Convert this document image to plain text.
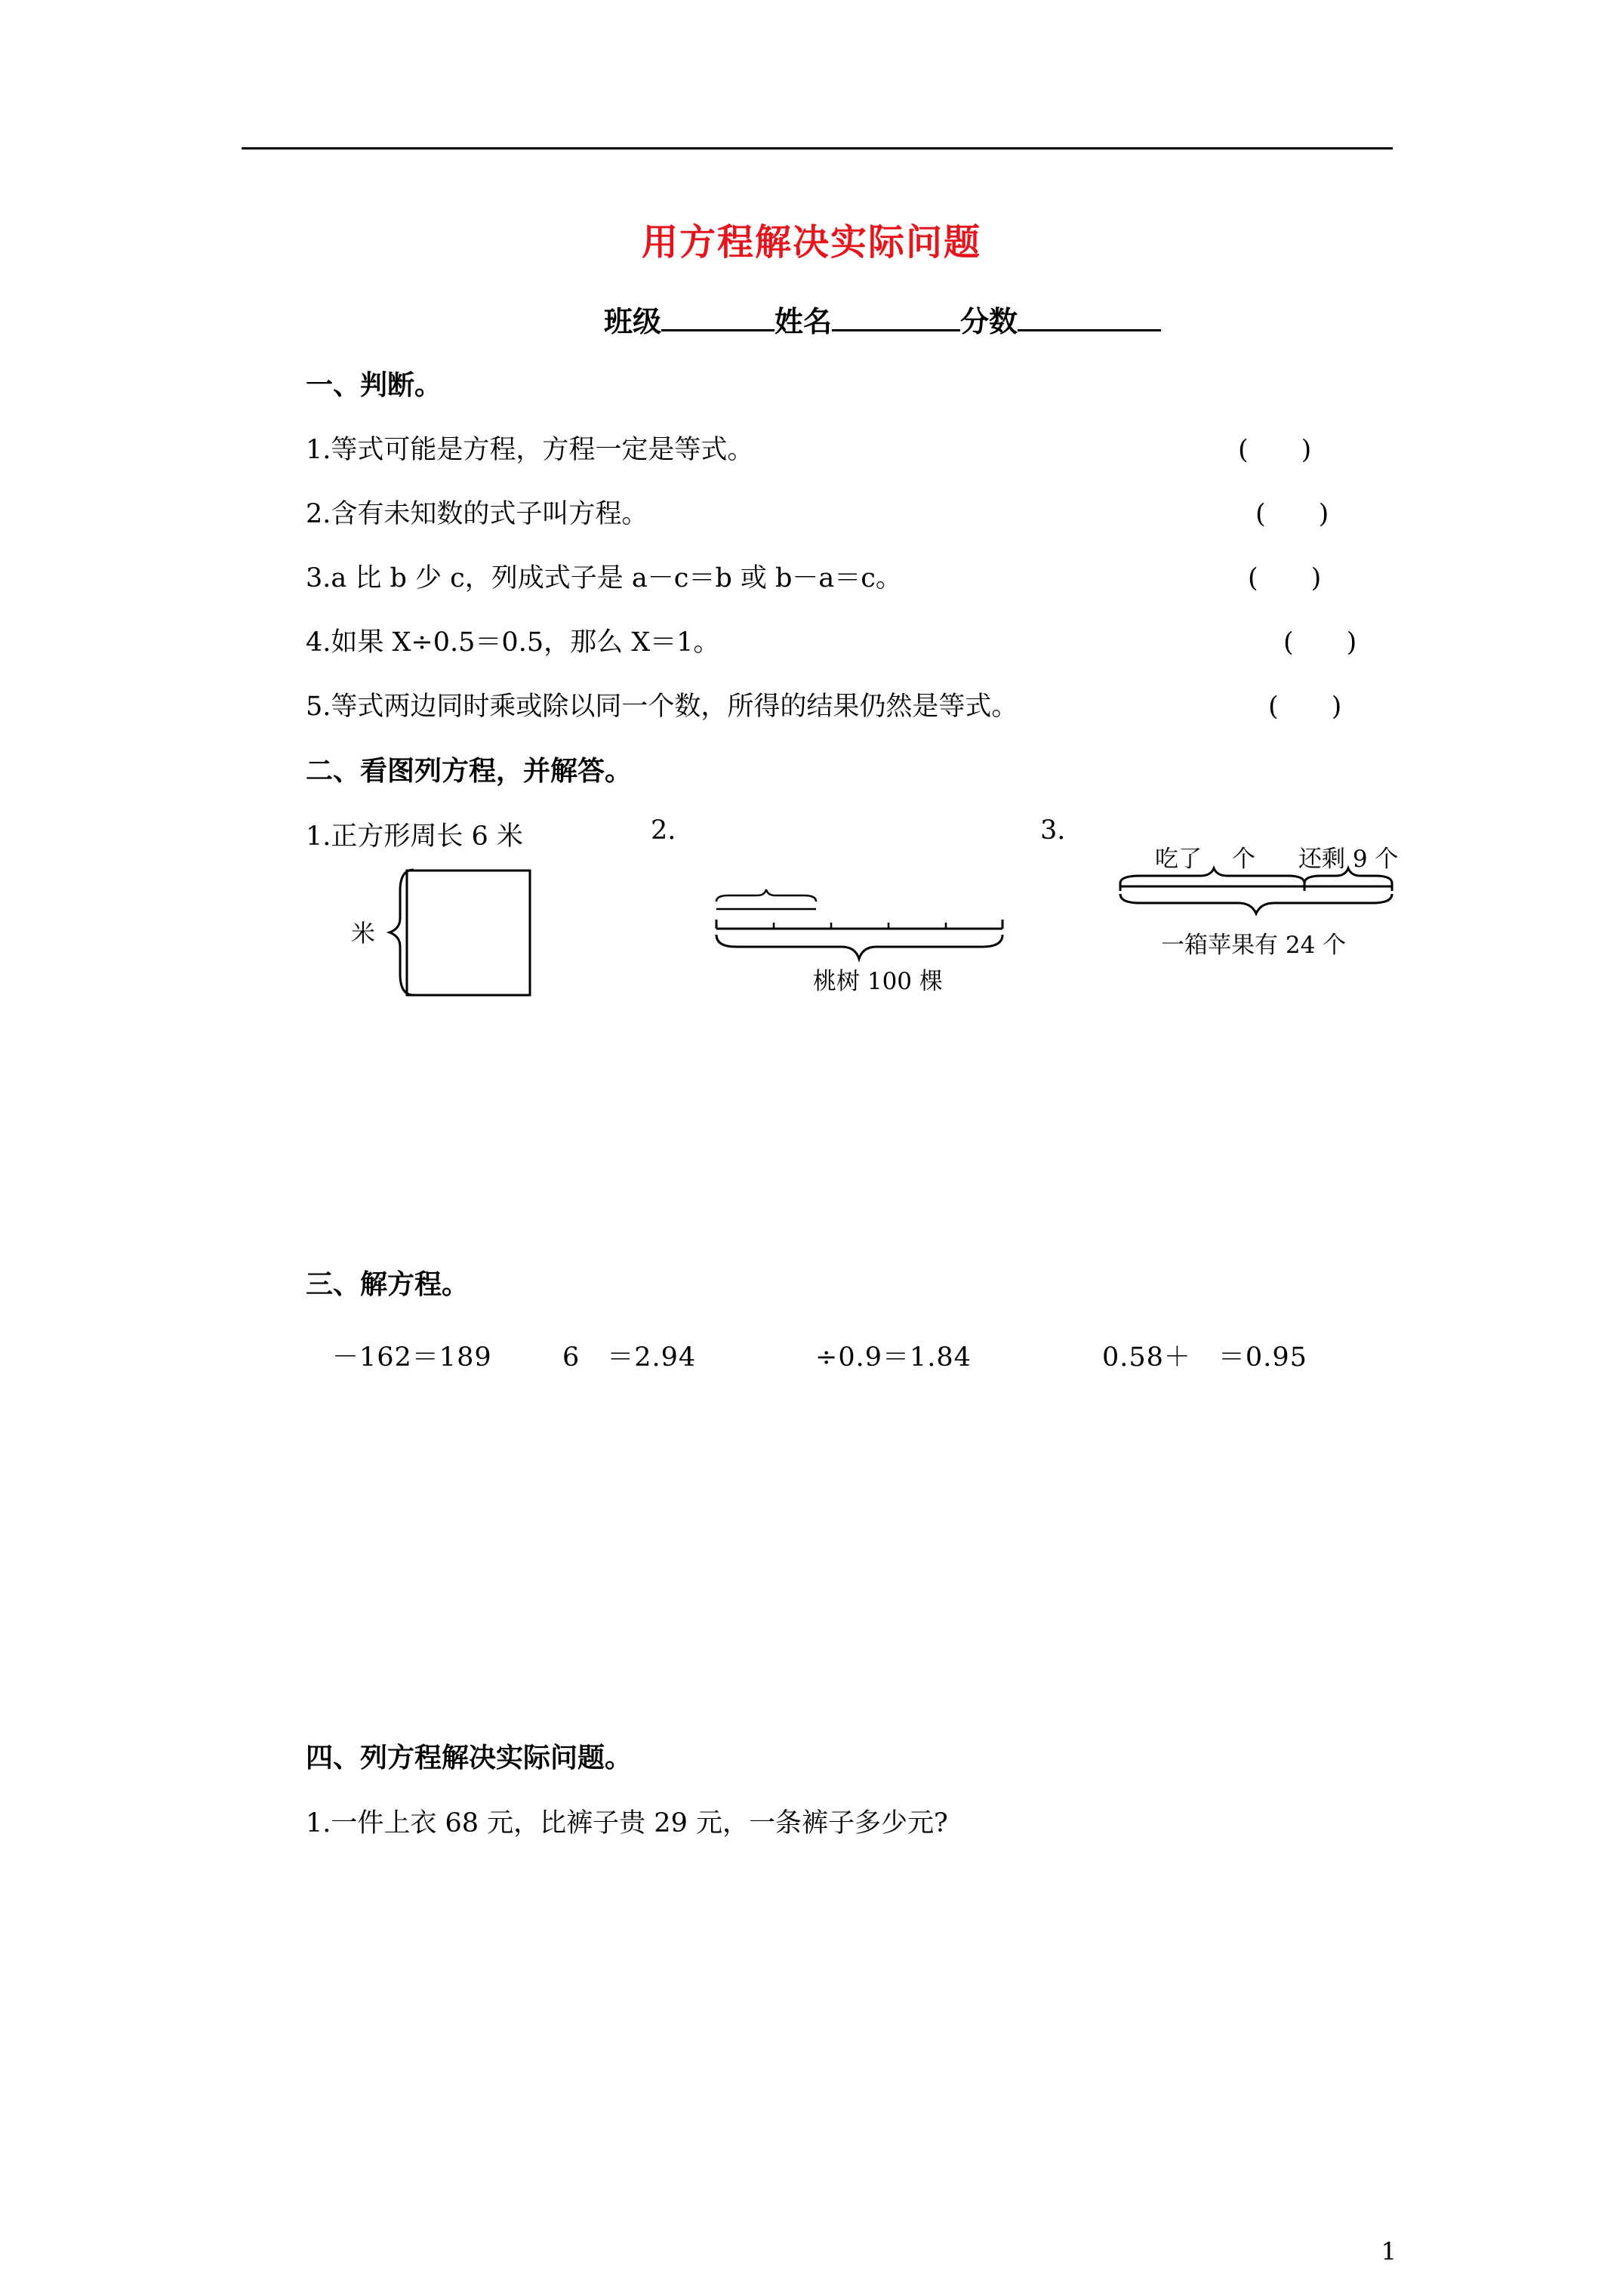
用方程解决实际问题
班级	姓名	分数
一、判断。
1.等式可能是方程，方程一定是等式。	(　　)
2.含有未知数的式子叫方程。	(　　)
3.a 比 b 少 c，列成式子是 a－c＝b 或 b－a＝c。	(　　)
4.如果 X÷0.5＝0.5，那么 X＝1。	(　　)
5.等式两边同时乘或除以同一个数，所得的结果仍然是等式。	(　　)
二、看图列方程，并解答。
1.正方形周长 6 米	2.	3.
米
桃树 100 棵
吃了 个 还剩 9 个
一箱苹果有 24 个
三、解方程。
－162＝189	6　＝2.94	÷0.9＝1.84	0.58＋　＝0.95
四、列方程解决实际问题。
1.一件上衣 68 元，比裤子贵 29 元，一条裤子多少元?
1
